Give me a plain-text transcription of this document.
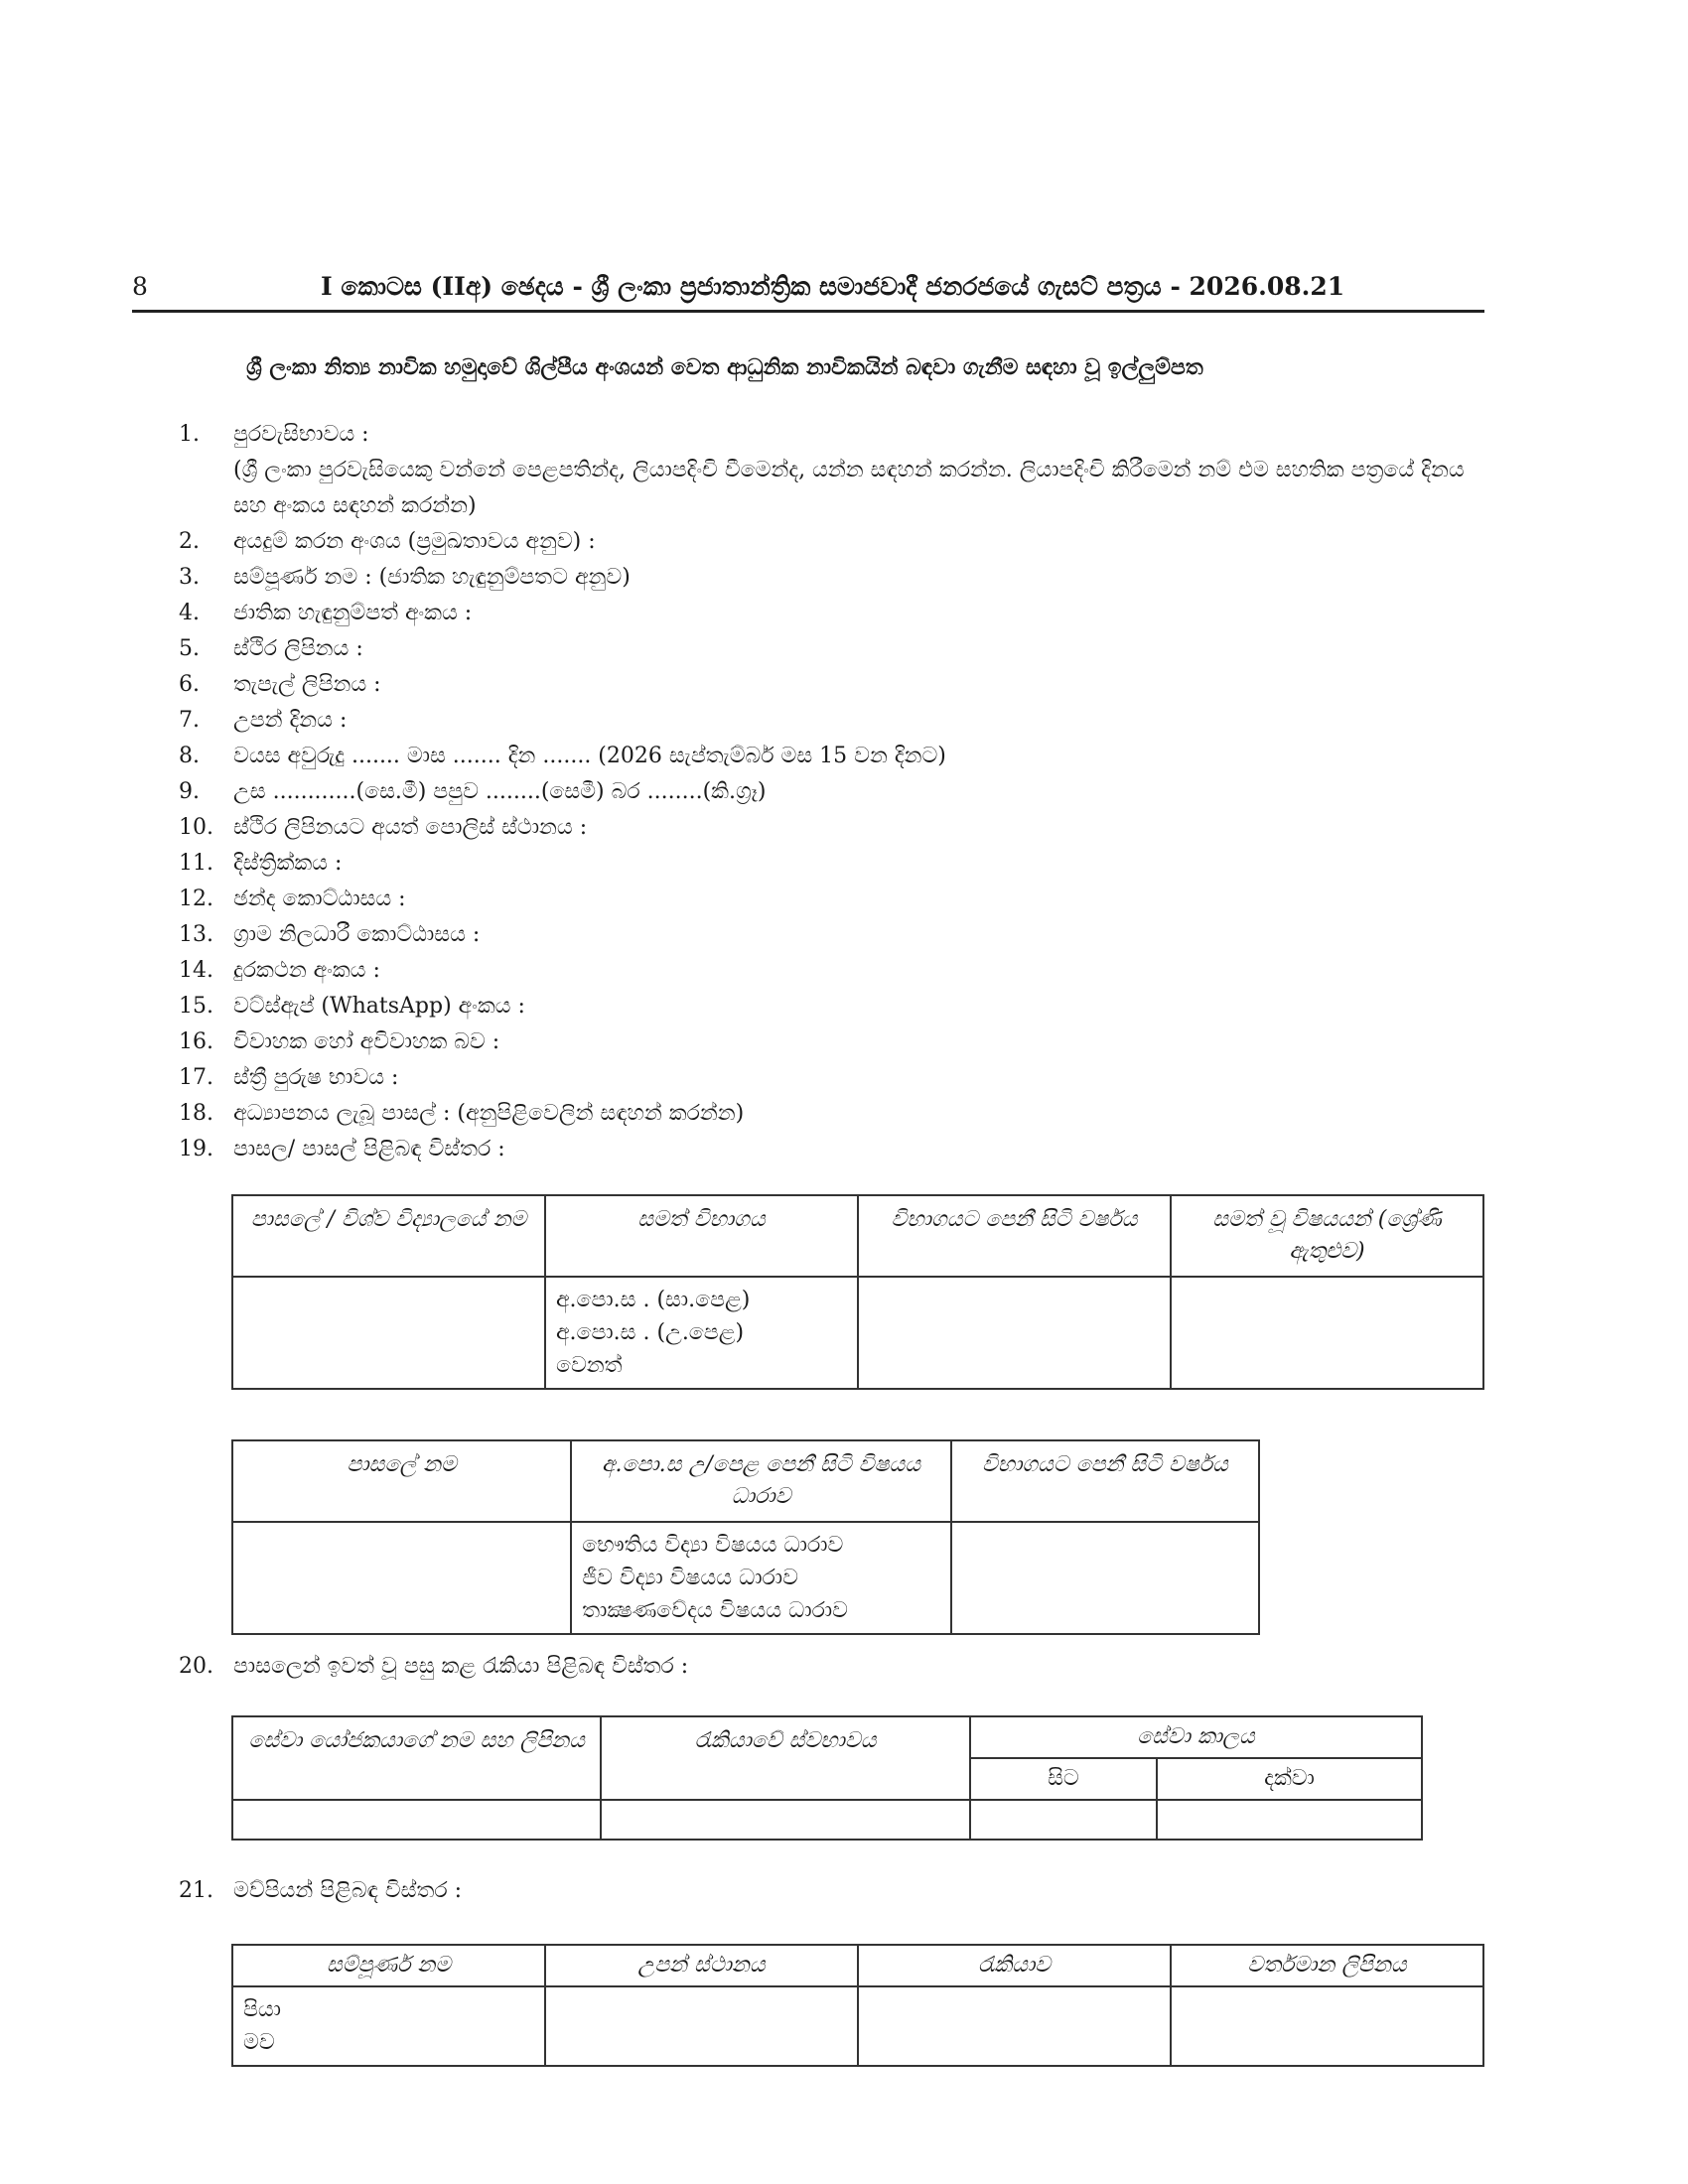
8	I කොටස (IIඅ) ඡෙදය - ශ්‍රී ලංකා ප්‍රජාතාන්ත්‍රික සමාජවාදී ජනරජයේ ගැසට් පත්‍රය - 2026.08.21
ශ්‍රී ලංකා නිත්‍ය නාවික හමුදාවේ ශිල්පීය අංශයන් වෙත ආධුනික නාවිකයින් බඳවා ගැනීම සඳහා වූ ඉල්ලුම්පත
1.	පුරවැසිභාවය :
(ශ්‍රී ලංකා පුරවැසියෙකු වන්නේ පෙළපතින්ද, ලියාපදිංචි වීමෙන්ද, යන්න සඳහන් කරන්න. ලියාපදිංචි කිරීමෙන් නම් එම සහතික පත්‍රයේ දිනය සහ අංකය සඳහන් කරන්න)
2.	අයදුම් කරන අංශය (ප්‍රමුඛතාවය අනුව) :
3.	සම්පූර්ණ නම : (ජාතික හැඳුනුම්පතට අනුව)
4.	ජාතික හැඳුනුම්පත් අංකය :
5.	ස්ථිර ලිපිනය :
6.	තැපැල් ලිපිනය :
7.	උපන් දිනය :
8.	වයස අවුරුදු ....... මාස ....... දින ....... (2026 සැප්තැම්බර් මස 15 වන දිනට)
9.	උස ............(සෙ.මී) පපුව ........(සෙමී) බර ........(කි.ග්‍රෑ)
10. ස්ථිර ලිපිනයට අයත් පොලිස් ස්ථානය :
11. දිස්ත්‍රික්කය :
12. ඡන්ද කොට්ඨාසය :
13. ග්‍රාම නිලධාරී කොට්ඨාසය :
14. දුරකථන අංකය :
15. වට්ස්ඇප් (WhatsApp) අංකය :
16. විවාහක හෝ අවිවාහක බව :
17. ස්ත්‍රී පුරුෂ භාවය :
18. අධ්‍යාපනය ලැබූ පාසල් : (අනුපිළිවෙලින් සඳහන් කරන්න)
19. පාසල/ පාසල් පිළිබඳ විස්තර :
පාසලේ / විශ්ව විද්‍යාලයේ නම	සමත් විභාගය	විභාගයට පෙනී සිටි වර්ෂය	සමත් වූ විෂයයන් (ශ්‍රේණි ඇතුළුව)

	අ.පො.ස . (සා.පෙළ)
අ.පො.ස . (උ.පෙළ)
වෙනත්		

පාසලේ නම	අ.පො.ස උ/පෙළ පෙනී සිටි විෂයය ධාරාව	විභාගයට පෙනී සිටි වර්ෂය

	භෞතිය විද්‍යා විෂයය ධාරාව
ජීව විද්‍යා විෂයය ධාරාව
තාක්‍ෂණවේදය විෂයය ධාරාව	

20. පාසලෙන් ඉවත් වූ පසු කළ රැකියා පිළිබඳ විස්තර :
සේවා යෝජකයාගේ නම සහ ලිපිනය	රැකියාවේ ස්වභාවය	සේවා කාලය	
		සිට	දක්වා

21. මව්පියන් පිළිබඳ විස්තර :
සම්පූර්ණ නම	උපන් ස්ථානය	රැකියාව	වර්තමාන ලිපිනය

පියා
මව			
